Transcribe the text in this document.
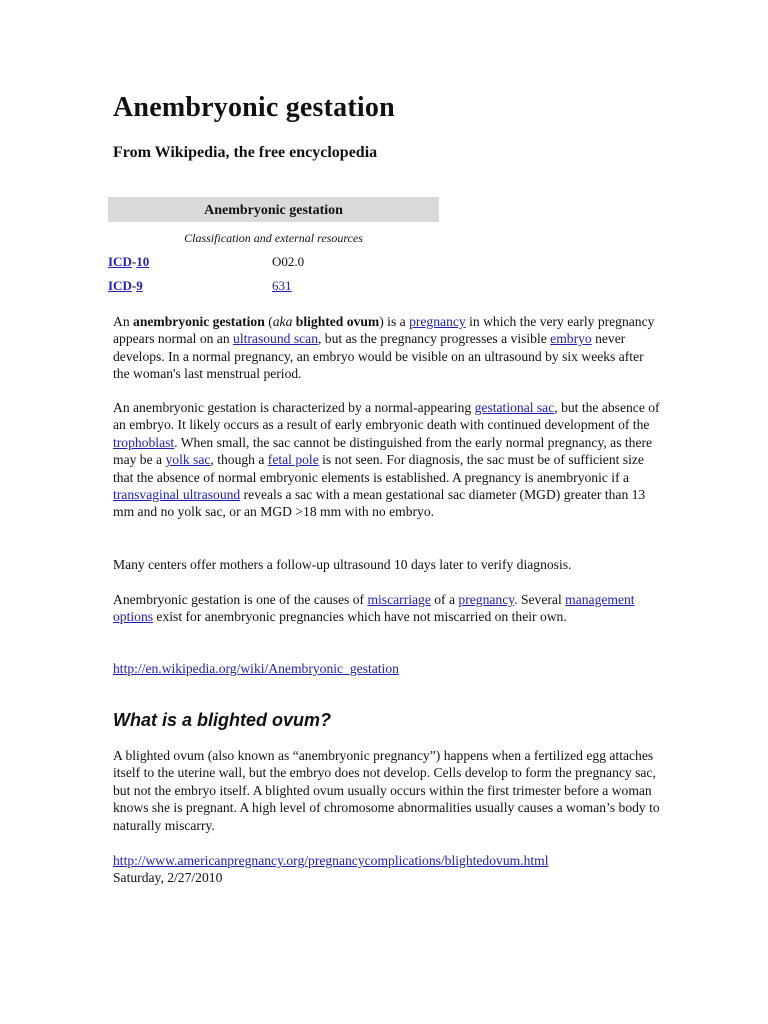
Anembryonic gestation

From Wikipedia, the free encyclopedia

Anembryonic gestation
Classification and external resources
ICD-10	O02.0
ICD-9	631

An anembryonic gestation (aka blighted ovum) is a pregnancy in which the very early pregnancy appears normal on an ultrasound scan, but as the pregnancy progresses a visible embryo never develops. In a normal pregnancy, an embryo would be visible on an ultrasound by six weeks after the woman's last menstrual period.

An anembryonic gestation is characterized by a normal-appearing gestational sac, but the absence of an embryo. It likely occurs as a result of early embryonic death with continued development of the trophoblast. When small, the sac cannot be distinguished from the early normal pregnancy, as there may be a yolk sac, though a fetal pole is not seen. For diagnosis, the sac must be of sufficient size that the absence of normal embryonic elements is established. A pregnancy is anembryonic if a transvaginal ultrasound reveals a sac with a mean gestational sac diameter (MGD) greater than 13 mm and no yolk sac, or an MGD >18 mm with no embryo.

Many centers offer mothers a follow-up ultrasound 10 days later to verify diagnosis.

Anembryonic gestation is one of the causes of miscarriage of a pregnancy. Several management options exist for anembryonic pregnancies which have not miscarried on their own.

http://en.wikipedia.org/wiki/Anembryonic_gestation
What is a blighted ovum?

A blighted ovum (also known as “anembryonic pregnancy”) happens when a fertilized egg attaches itself to the uterine wall, but the embryo does not develop. Cells develop to form the pregnancy sac, but not the embryo itself. A blighted ovum usually occurs within the first trimester before a woman knows she is pregnant. A high level of chromosome abnormalities usually causes a woman’s body to naturally miscarry.

http://www.americanpregnancy.org/pregnancycomplications/blightedovum.html
Saturday, 2/27/2010
